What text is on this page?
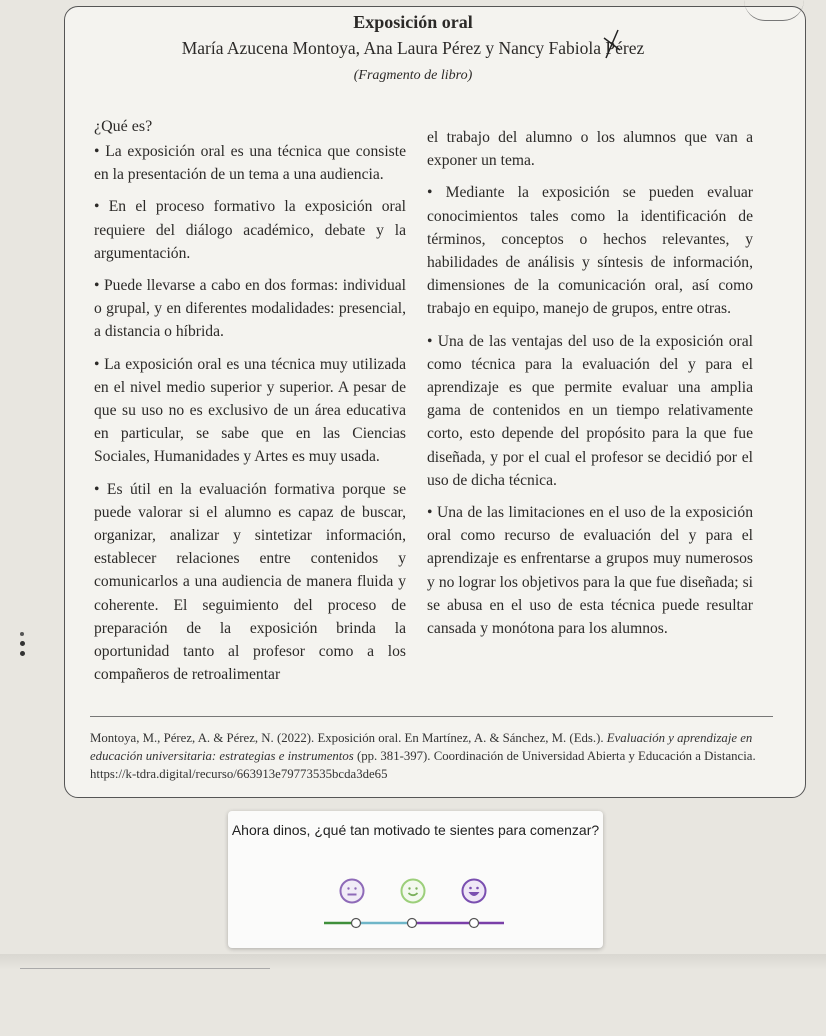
Exposición oral
María Azucena Montoya, Ana Laura Pérez y Nancy Fabiola Pérez
(Fragmento de libro)
¿Qué es?

• La exposición oral es una técnica que consiste en la presentación de un tema a una audiencia.

• En el proceso formativo la exposición oral requiere del diálogo académico, debate y la argumentación.

• Puede llevarse a cabo en dos formas: individual o grupal, y en diferentes modalidades: presencial, a distancia o híbrida.

• La exposición oral es una técnica muy utilizada en el nivel medio superior y superior. A pesar de que su uso no es exclusivo de un área educativa en particular, se sabe que en las Ciencias Sociales, Humanidades y Artes es muy usada.

• Es útil en la evaluación formativa porque se puede valorar si el alumno es capaz de buscar, organizar, analizar y sintetizar información, establecer relaciones entre contenidos y comunicarlos a una audiencia de manera fluida y coherente. El seguimiento del proceso de preparación de la exposición brinda la oportunidad tanto al profesor como a los compañeros de retroalimentar

el trabajo del alumno o los alumnos que van a exponer un tema.

• Mediante la exposición se pueden evaluar conocimientos tales como la identificación de términos, conceptos o hechos relevantes, y habilidades de análisis y síntesis de información, dimensiones de la comunicación oral, así como trabajo en equipo, manejo de grupos, entre otras.

• Una de las ventajas del uso de la exposición oral como técnica para la evaluación del y para el aprendizaje es que permite evaluar una amplia gama de contenidos en un tiempo relativamente corto, esto depende del propósito para la que fue diseñada, y por el cual el profesor se decidió por el uso de dicha técnica.

• Una de las limitaciones en el uso de la exposición oral como recurso de evaluación del y para el aprendizaje es enfrentarse a grupos muy numerosos y no lograr los objetivos para la que fue diseñada; si se abusa en el uso de esta técnica puede resultar cansada y monótona para los alumnos.

Montoya, M., Pérez, A. & Pérez, N. (2022). Exposición oral. En Martínez, A. & Sánchez, M. (Eds.). Evaluación y aprendizaje en educación universitaria: estrategias e instrumentos (pp. 381-397). Coordinación de Universidad Abierta y Educación a Distancia.
https://k-tdra.digital/recurso/663913e79773535bcda3de65
Ahora dinos, ¿qué tan motivado te sientes para comenzar?
